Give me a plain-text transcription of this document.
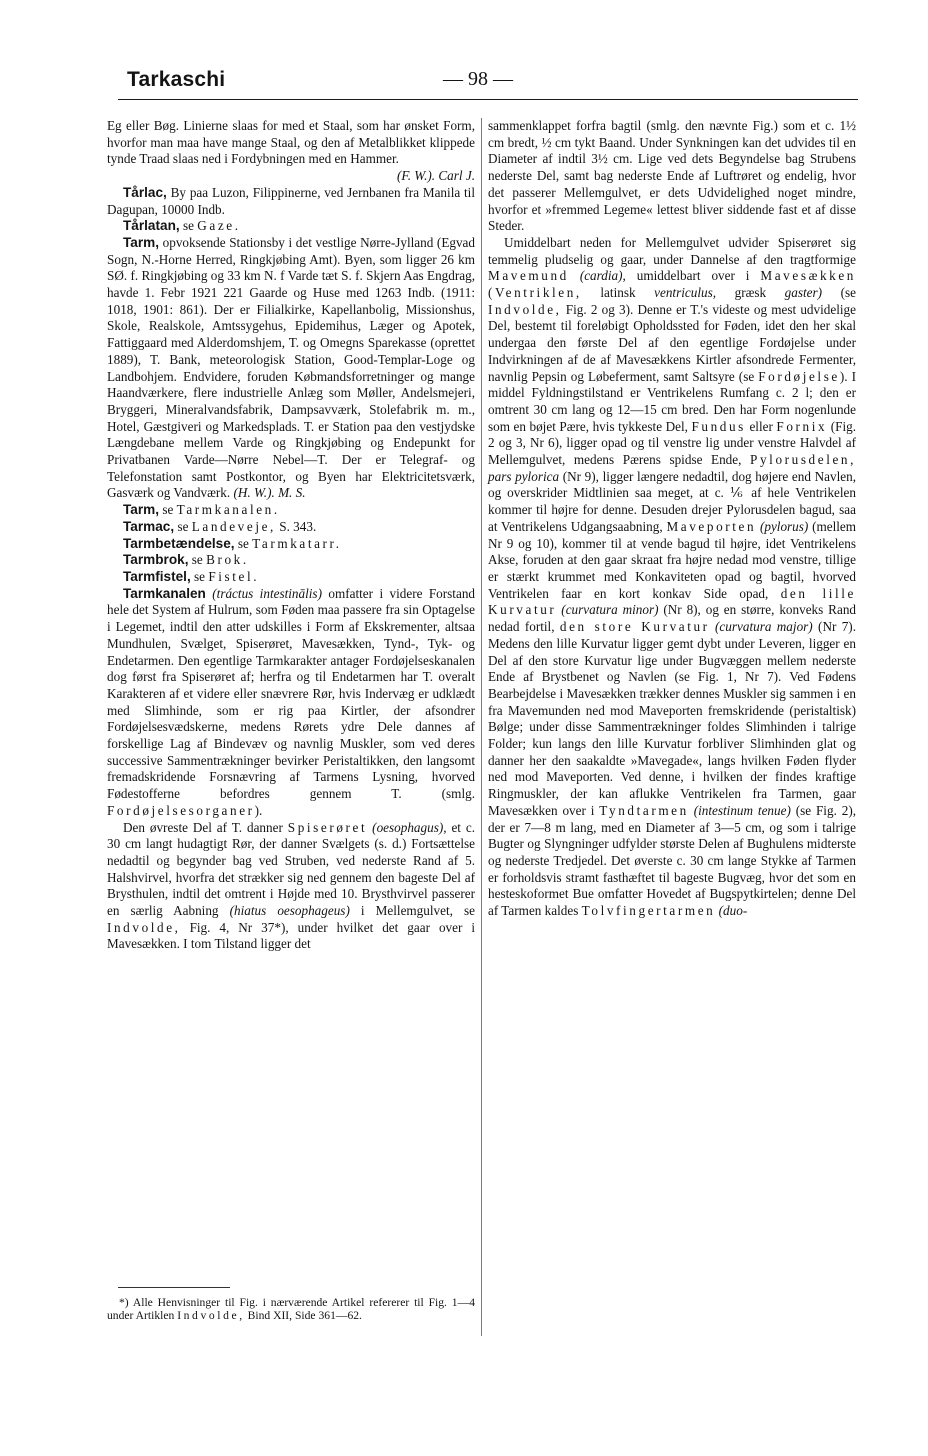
Tarkaschi	— 98 —

Eg eller Bøg. Linierne slaas for med et Staal, som har ønsket Form, hvorfor man maa have mange Staal, og den af Metalblikket klippede tynde Traad slaas ned i Fordybningen med en Hammer.
(F. W.). Carl J.

Tårlac, By paa Luzon, Filippinerne, ved Jernbanen fra Manila til Dagupan, 10000 Indb.

Tårlatan, se Gaze.

Tarm, opvoksende Stationsby i det vestlige Nørre-Jylland (Egvad Sogn, N.-Horne Herred, Ringkjøbing Amt). Byen, som ligger 26 km SØ. f. Ringkjøbing og 33 km N. f Varde tæt S. f. Skjern Aas Engdrag, havde 1. Febr 1921 221 Gaarde og Huse med 1263 Indb. (1911: 1018, 1901: 861). Der er Filialkirke, Kapellanbolig, Missionshus, Skole, Realskole, Amtssygehus, Epidemihus, Læger og Apotek, Fattiggaard med Alderdomshjem, T. og Omegns Sparekasse (oprettet 1889), T. Bank, meteorologisk Station, Good-Templar-Loge og Landbohjem. Endvidere, foruden Købmandsforretninger og mange Haandværkere, flere industrielle Anlæg som Møller, Andelsmejeri, Bryggeri, Mineralvandsfabrik, Dampsavværk, Stolefabrik m. m., Hotel, Gæstgiveri og Markedsplads. T. er Station paa den vestjydske Længdebane mellem Varde og Ringkjøbing og Endepunkt for Privatbanen Varde—Nørre Nebel—T. Der er Telegraf- og Telefonstation samt Postkontor, og Byen har Elektricitetsværk, Gasværk og Vandværk. (H. W.). M. S.

Tarm, se Tarmkanalen.

Tarmac, se Landeveje, S. 343.

Tarmbetændelse, se Tarmkatarr.

Tarmbrok, se Brok.

Tarmfistel, se Fistel.

Tarmkanalen (tráctus intestinālis) omfatter i videre Forstand hele det System af Hulrum, som Føden maa passere fra sin Optagelse i Legemet, indtil den atter udskilles i Form af Ekskrementer, altsaa Mundhulen, Svælget, Spiserøret, Mavesækken, Tynd-, Tyk- og Endetarmen. Den egentlige Tarmkarakter antager Fordøjelseskanalen dog først fra Spiserøret af; herfra og til Endetarmen har T. overalt Karakteren af et videre eller snævrere Rør, hvis Indervæg er udklædt med Slimhinde, som er rig paa Kirtler, der afsondrer Fordøjelsesvædskerne, medens Rørets ydre Dele dannes af forskellige Lag af Bindevæv og navnlig Muskler, som ved deres successive Sammentrækninger bevirker Peristaltikken, den langsomt fremadskridende Forsnævring af Tarmens Lysning, hvorved Fødestofferne befordres gennem T. (smlg. Fordøjelsesorganer).

Den øvreste Del af T. danner Spiserøret (oesophagus), et c. 30 cm langt hudagtigt Rør, der danner Svælgets (s. d.) Fortsættelse nedadtil og begynder bag ved Struben, ved nederste Rand af 5. Halshvirvel, hvorfra det strækker sig ned gennem den bageste Del af Brysthulen, indtil det omtrent i Højde med 10. Brysthvirvel passerer en særlig Aabning (hiatus oesophageus) i Mellemgulvet, se Indvolde, Fig. 4, Nr 37*), under hvilket det gaar over i Mavesækken. I tom Tilstand ligger det

*) Alle Henvisninger til Fig. i nærværende Artikel refererer til Fig. 1—4 under Artiklen Indvolde, Bind XII, Side 361—62.

sammenklappet forfra bagtil (smlg. den nævnte Fig.) som et c. 1½ cm bredt, ½ cm tykt Baand. Under Synkningen kan det udvides til en Diameter af indtil 3½ cm. Lige ved dets Begyndelse bag Strubens nederste Del, samt bag nederste Ende af Luftrøret og endelig, hvor det passerer Mellemgulvet, er dets Udvidelighed noget mindre, hvorfor et »fremmed Legeme« lettest bliver siddende fast et af disse Steder.

Umiddelbart neden for Mellemgulvet udvider Spiserøret sig temmelig pludselig og gaar, under Dannelse af den tragtformige Mavemund (cardia), umiddelbart over i Mavesækken (Ventriklen, latinsk ventriculus, græsk gaster) (se Indvolde, Fig. 2 og 3). Denne er T.'s videste og mest udvidelige Del, bestemt til foreløbigt Opholdssted for Føden, idet den her skal undergaa den første Del af den egentlige Fordøjelse under Indvirkningen af de af Mavesækkens Kirtler afsondrede Fermenter, navnlig Pepsin og Løbeferment, samt Saltsyre (se Fordøjelse). I middel Fyldningstilstand er Ventrikelens Rumfang c. 2 l; den er omtrent 30 cm lang og 12—15 cm bred. Den har Form nogenlunde som en bøjet Pære, hvis tykkeste Del, Fundus eller Fornix (Fig. 2 og 3, Nr 6), ligger opad og til venstre lig under venstre Halvdel af Mellemgulvet, medens Pærens spidse Ende, Pylorusdelen, pars pylorica (Nr 9), ligger længere nedadtil, dog højere end Navlen, og overskrider Midtlinien saa meget, at c. ⅙ af hele Ventrikelen kommer til højre for denne. Desuden drejer Pylorusdelen bagud, saa at Ventrikelens Udgangsaabning, Maveporten (pylorus) (mellem Nr 9 og 10), kommer til at vende bagud til højre, idet Ventrikelens Akse, foruden at den gaar skraat fra højre nedad mod venstre, tillige er stærkt krummet med Konkaviteten opad og bagtil, hvorved Ventrikelen faar en kort konkav Side opad, den lille Kurvatur (curvatura minor) (Nr 8), og en større, konveks Rand nedad fortil, den store Kurvatur (curvatura major) (Nr 7). Medens den lille Kurvatur ligger gemt dybt under Leveren, ligger en Del af den store Kurvatur lige under Bugvæggen mellem nederste Ende af Brystbenet og Navlen (se Fig. 1, Nr 7). Ved Fødens Bearbejdelse i Mavesækken trækker dennes Muskler sig sammen i en fra Mavemunden ned mod Maveporten fremskridende (peristaltisk) Bølge; under disse Sammentrækninger foldes Slimhinden i talrige Folder; kun langs den lille Kurvatur forbliver Slimhinden glat og danner her den saakaldte »Mavegade«, langs hvilken Føden flyder ned mod Maveporten. Ved denne, i hvilken der findes kraftige Ringmuskler, der kan aflukke Ventrikelen fra Tarmen, gaar Mavesækken over i Tyndtarmen (intestinum tenue) (se Fig. 2), der er 7—8 m lang, med en Diameter af 3—5 cm, og som i talrige Bugter og Slyngninger udfylder største Delen af Bughulens midterste og nederste Tredjedel. Det øverste c. 30 cm lange Stykke af Tarmen er forholdsvis stramt fasthæftet til bageste Bugvæg, hvor det som en hesteskoformet Bue omfatter Hovedet af Bugspytkirtelen; denne Del af Tarmen kaldes Tolvfingertarmen (duo-
